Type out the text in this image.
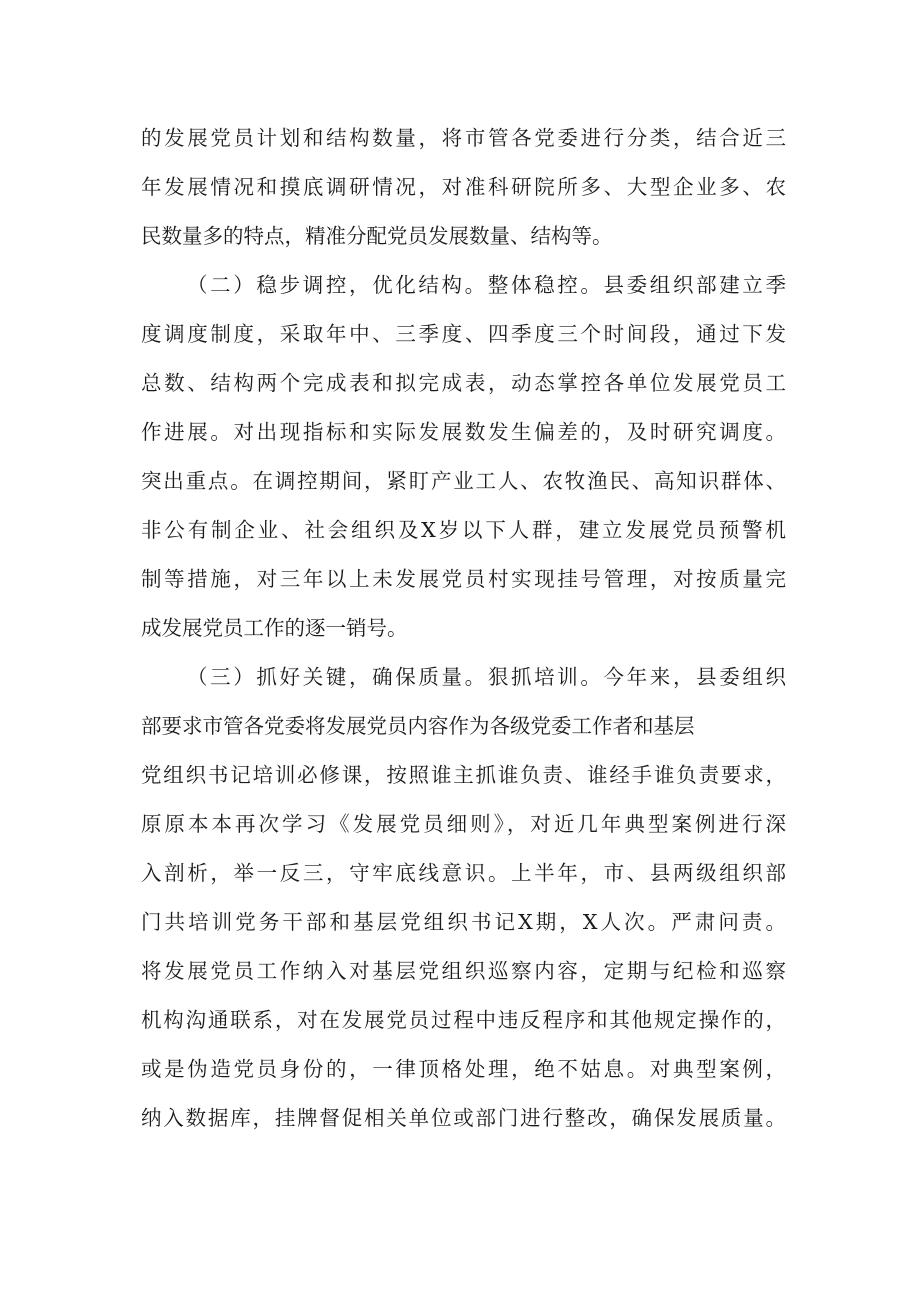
的发展党员计划和结构数量，将市管各党委进行分类，结合近三
年发展情况和摸底调研情况，对准科研院所多、大型企业多、农
民数量多的特点，精准分配党员发展数量、结构等。
（二）稳步调控，优化结构。整体稳控。县委组织部建立季
度调度制度，采取年中、三季度、四季度三个时间段，通过下发
总数、结构两个完成表和拟完成表，动态掌控各单位发展党员工
作进展。对出现指标和实际发展数发生偏差的，及时研究调度。
突出重点。在调控期间，紧盯产业工人、农牧渔民、高知识群体、
非公有制企业、社会组织及X岁以下人群，建立发展党员预警机
制等措施，对三年以上未发展党员村实现挂号管理，对按质量完
成发展党员工作的逐一销号。
（三）抓好关键，确保质量。狠抓培训。今年来，县委组织
部要求市管各党委将发展党员内容作为各级党委工作者和基层
党组织书记培训必修课，按照谁主抓谁负责、谁经手谁负责要求，
原原本本再次学习《发展党员细则》，对近几年典型案例进行深
入剖析，举一反三，守牢底线意识。上半年，市、县两级组织部
门共培训党务干部和基层党组织书记X期，X人次。严肃问责。
将发展党员工作纳入对基层党组织巡察内容，定期与纪检和巡察
机构沟通联系，对在发展党员过程中违反程序和其他规定操作的，
或是伪造党员身份的，一律顶格处理，绝不姑息。对典型案例，
纳入数据库，挂牌督促相关单位或部门进行整改，确保发展质量。
